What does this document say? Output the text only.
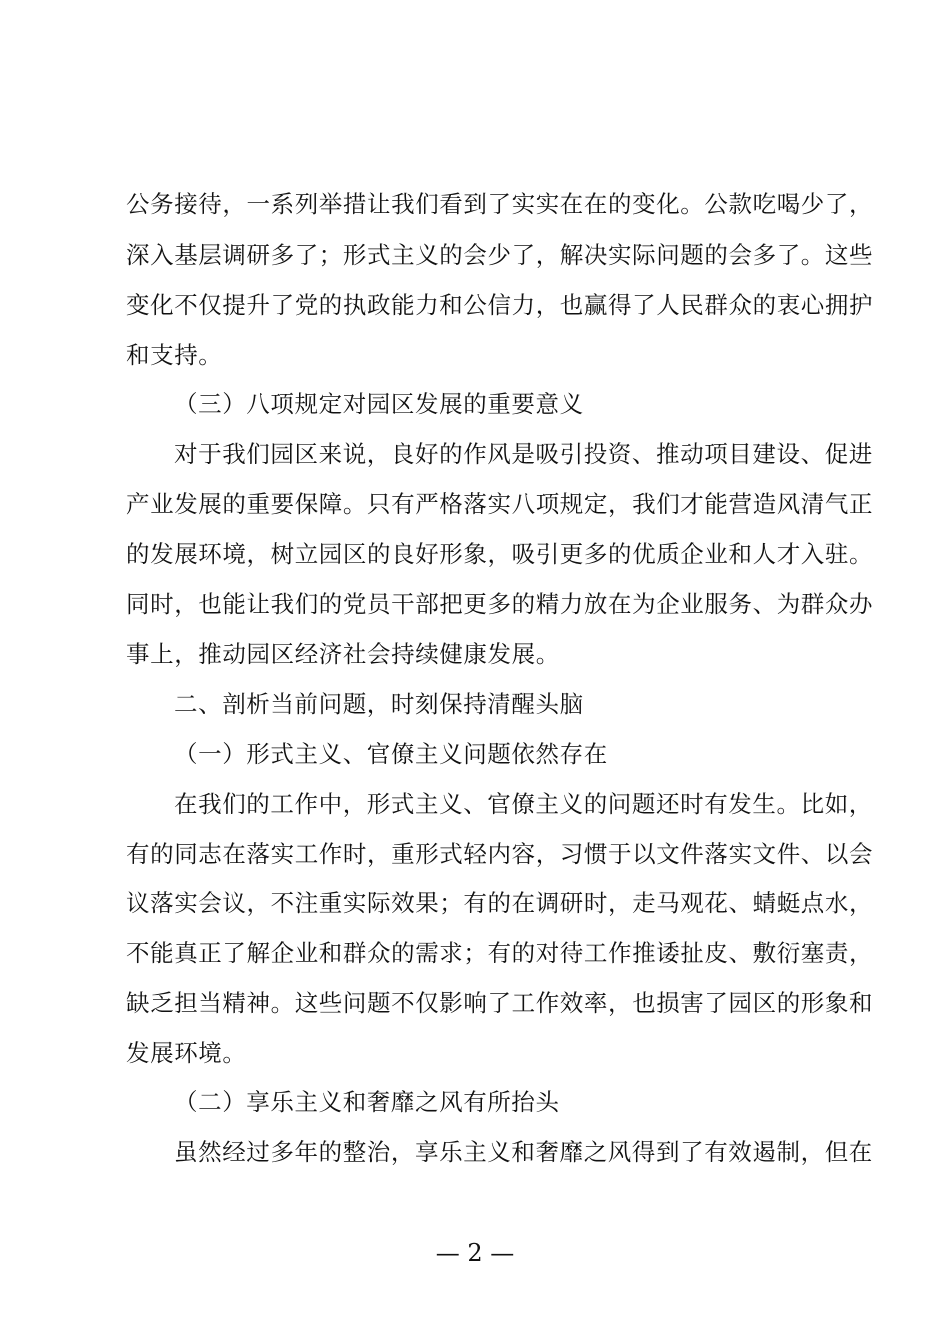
公务接待，一系列举措让我们看到了实实在在的变化。公款吃喝少了，
深入基层调研多了；形式主义的会少了，解决实际问题的会多了。这些
变化不仅提升了党的执政能力和公信力，也赢得了人民群众的衷心拥护
和支持。
（三）八项规定对园区发展的重要意义
对于我们园区来说，良好的作风是吸引投资、推动项目建设、促进
产业发展的重要保障。只有严格落实八项规定，我们才能营造风清气正
的发展环境，树立园区的良好形象，吸引更多的优质企业和人才入驻。
同时，也能让我们的党员干部把更多的精力放在为企业服务、为群众办
事上，推动园区经济社会持续健康发展。
二、剖析当前问题，时刻保持清醒头脑
（一）形式主义、官僚主义问题依然存在
在我们的工作中，形式主义、官僚主义的问题还时有发生。比如，
有的同志在落实工作时，重形式轻内容，习惯于以文件落实文件、以会
议落实会议，不注重实际效果；有的在调研时，走马观花、蜻蜓点水，
不能真正了解企业和群众的需求；有的对待工作推诿扯皮、敷衍塞责，
缺乏担当精神。这些问题不仅影响了工作效率，也损害了园区的形象和
发展环境。
（二）享乐主义和奢靡之风有所抬头
虽然经过多年的整治，享乐主义和奢靡之风得到了有效遏制，但在
— 2 —
